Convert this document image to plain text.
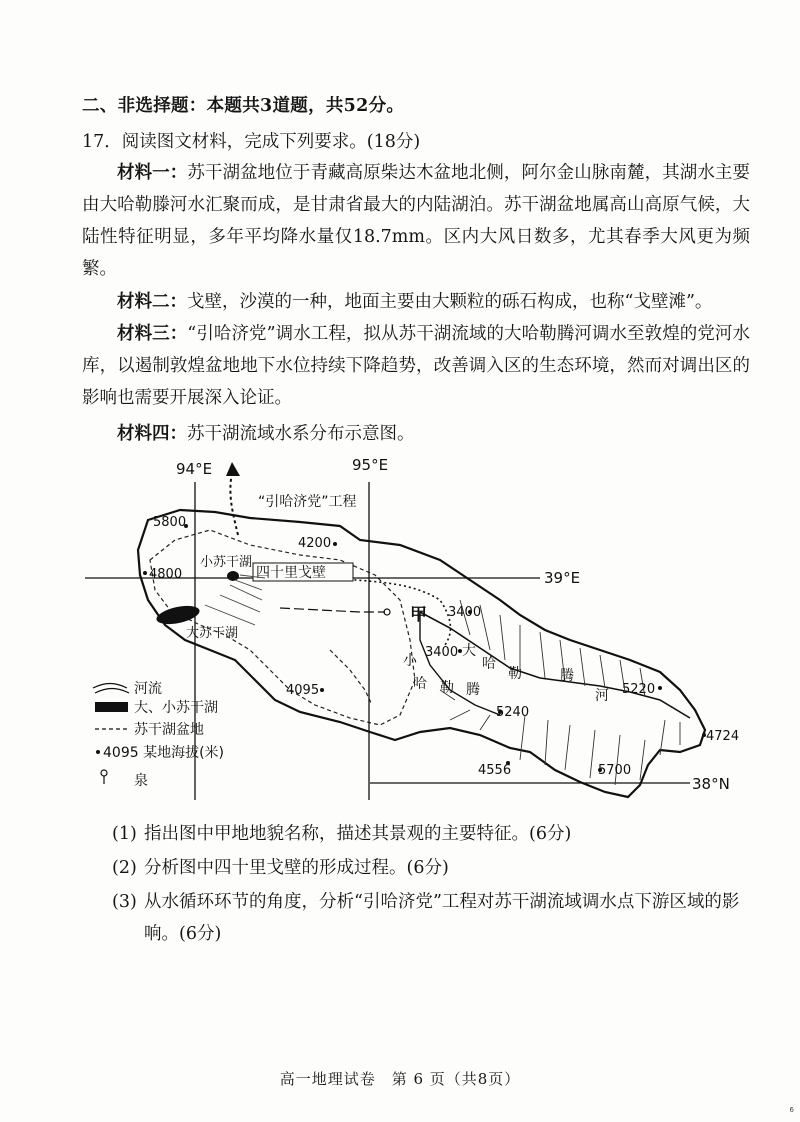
二、非选择题：本题共3道题，共52分。
17．阅读图文材料，完成下列要求。(18分)
材料一：苏干湖盆地位于青藏高原柴达木盆地北侧，阿尔金山脉南麓，其湖水主要由大哈勒滕河水汇聚而成，是甘肃省最大的内陆湖泊。苏干湖盆地属高山高原气候，大陆性特征明显，多年平均降水量仅18.7mm。区内大风日数多，尤其春季大风更为频繁。
材料二：戈壁，沙漠的一种，地面主要由大颗粒的砾石构成，也称“戈壁滩”。
材料三：“引哈济党”调水工程，拟从苏干湖流域的大哈勒腾河调水至敦煌的党河水库，以遏制敦煌盆地地下水位持续下降趋势，改善调入区的生态环境，然而对调出区的影响也需要开展深入论证。
材料四：苏干湖流域水系分布示意图。
94°E	95°E
39°E
38°N
“引哈济党”工程
四十里戈壁
小苏干湖
大苏干湖
甲
大
哈
勒	腾
河
小
哈 勒 腾
5800
4800
4200
3400
3400
4095
5240
5220
4724
4556	5700
河流
大、小苏干湖
苏干湖盆地
4095 某地海拔(米)
泉
(1) 指出图中甲地地貌名称，描述其景观的主要特征。(6分)
(2) 分析图中四十里戈壁的形成过程。(6分)
(3) 从水循环环节的角度，分析“引哈济党”工程对苏干湖流域调水点下游区域的影响。(6分)
高一地理试卷　第 6 页（共8页）
6
